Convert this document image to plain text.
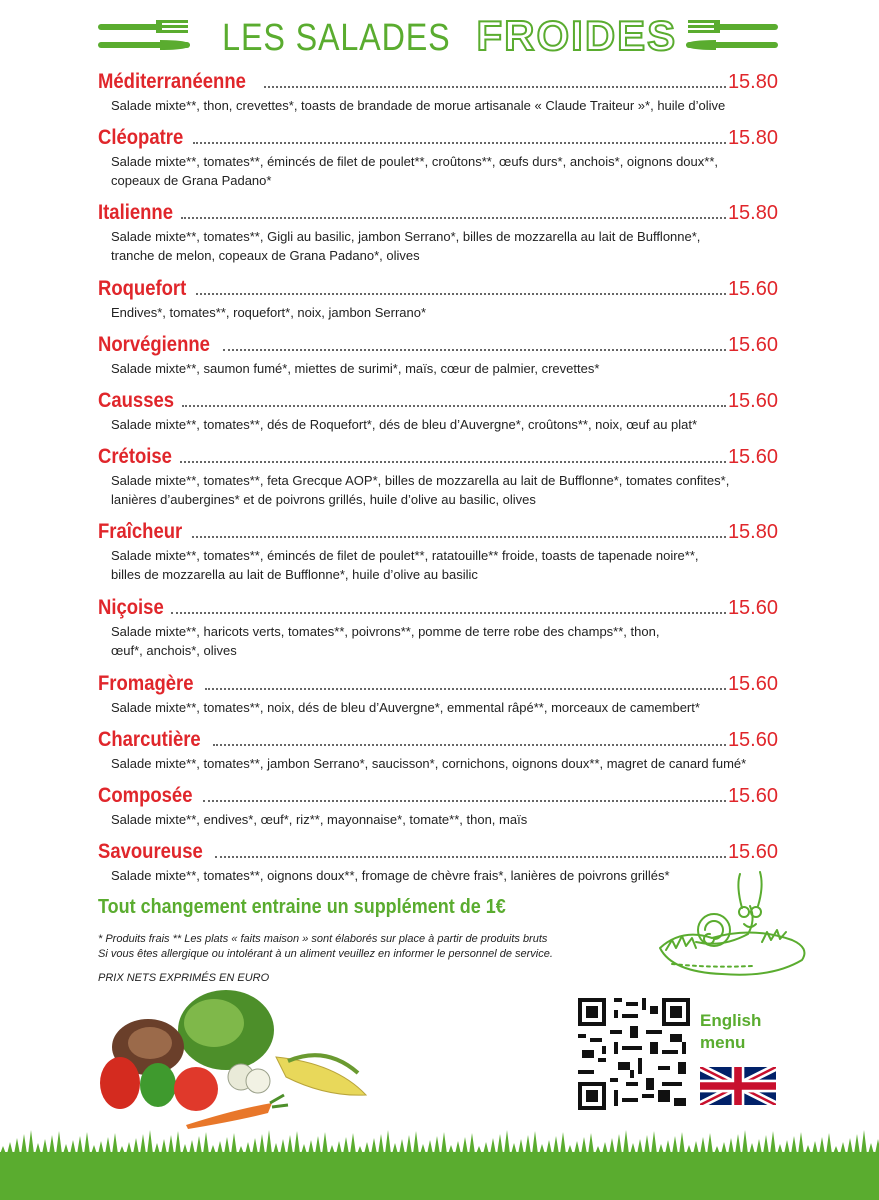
LES SALADES FROIDES
Méditerranéenne	15.80
Salade mixte**, thon, crevettes*, toasts de brandade de morue artisanale « Claude Traiteur »*, huile d’olive
Cléopatre	15.80
Salade mixte**, tomates**, émincés de filet de poulet**, croûtons**, œufs durs*, anchois*, oignons doux**, copeaux de Grana Padano*
Italienne	15.80
Salade mixte**, tomates**, Gigli au basilic, jambon Serrano*, billes de mozzarella au lait de Bufflonne*, tranche de melon, copeaux de Grana Padano*, olives
Roquefort	15.60
Endives*, tomates**, roquefort*, noix, jambon Serrano*
Norvégienne	15.60
Salade mixte**, saumon fumé*, miettes de surimi*, maïs, cœur de palmier, crevettes*
Causses	15.60
Salade mixte**, tomates**, dés de Roquefort*, dés de bleu d’Auvergne*, croûtons**, noix, œuf au plat*
Crétoise	15.60
Salade mixte**, tomates**, feta Grecque AOP*, billes de mozzarella au lait de Bufflonne*, tomates confites*, lanières d’aubergines* et de poivrons grillés, huile d’olive au basilic, olives
Fraîcheur	15.80
Salade mixte**, tomates**, émincés de filet de poulet**, ratatouille** froide, toasts de tapenade noire**, billes de mozzarella au lait de Bufflonne*, huile d’olive au basilic
Niçoise	15.60
Salade mixte**, haricots verts, tomates**, poivrons**, pomme de terre robe des champs**, thon, œuf*, anchois*, olives
Fromagère	15.60
Salade mixte**, tomates**, noix, dés de bleu d’Auvergne*, emmental râpé**, morceaux de camembert*
Charcutière	15.60
Salade mixte**, tomates**, jambon Serrano*, saucisson*, cornichons, oignons doux**, magret de canard fumé*
Composée	15.60
Salade mixte**, endives*, œuf*, riz**, mayonnaise*, tomate**, thon, maïs
Savoureuse	15.60
Salade mixte**, tomates**, oignons doux**, fromage de chèvre frais*, lanières de poivrons grillés*
Tout changement entraine un supplément de 1€
* Produits frais ** Les plats « faits maison » sont élaborés sur place à partir de produits bruts
Si vous êtes allergique ou intolérant à un aliment veuillez en informer le personnel de service.
PRIX NETS EXPRIMÉS EN EURO
English
menu
